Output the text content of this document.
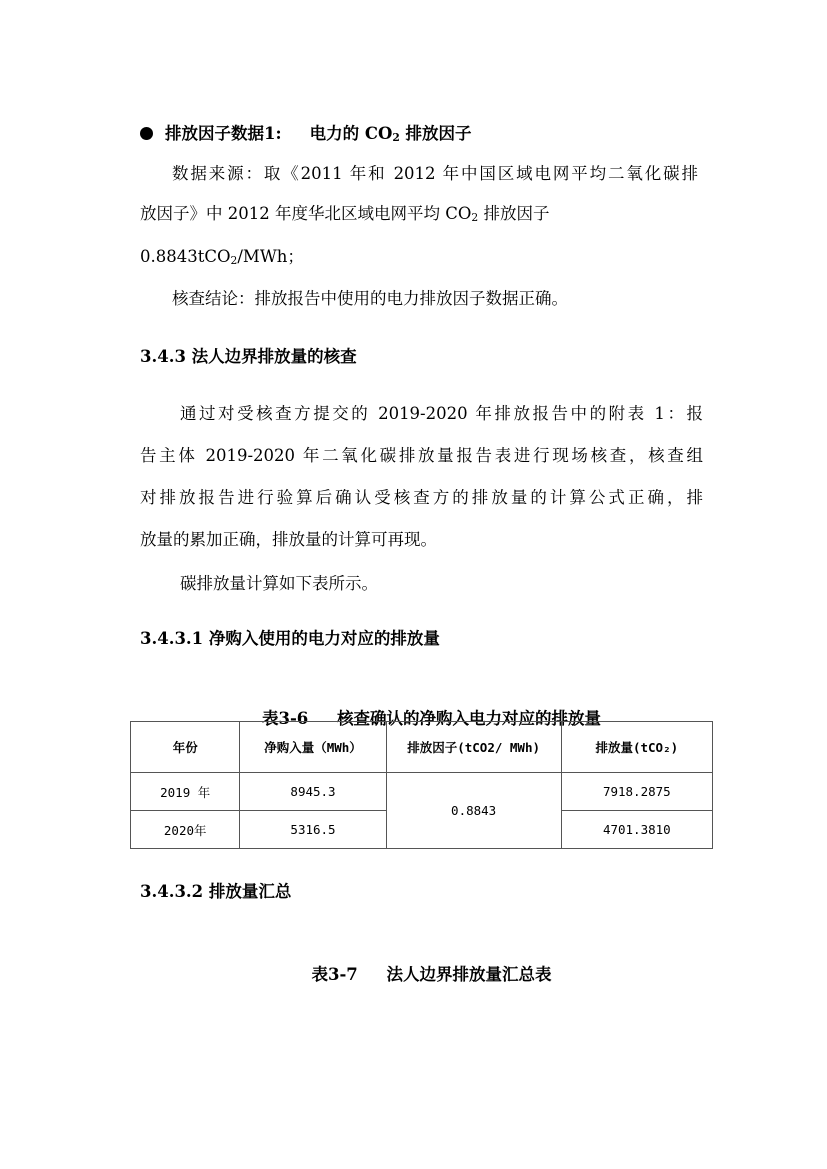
排放因子数据1: 电力的 $CO_2$ 排放因子
数据来源：取《2011 年和 2012 年中国区域电网平均二氧化碳排
放因子》中 2012 年度华北区域电网平均 $CO_2$ 排放因子
0.8843tCO$_2$/MWh；
核查结论：排放报告中使用的电力排放因子数据正确。
3.4.3 法人边界排放量的核查
通过对受核查方提交的 2019-2020 年排放报告中的附表 1：报
告主体 2019-2020 年二氧化碳排放量报告表进行现场核查，核查组
对排放报告进行验算后确认受核查方的排放量的计算公式正确，排
放量的累加正确，排放量的计算可再现。
碳排放量计算如下表所示。
3.4.3.1 净购入使用的电力对应的排放量

表3-6     核查确认的净购入电力对应的排放量

年份	净购入量（MWh）	排放因子(tCO2/ MWh)	排放量(tCO₂)
2019 年	8945.3	0.8843	7918.2875
2020年	5316.5		4701.3810
3.4.3.2 排放量汇总

表3-7     法人边界排放量汇总表
